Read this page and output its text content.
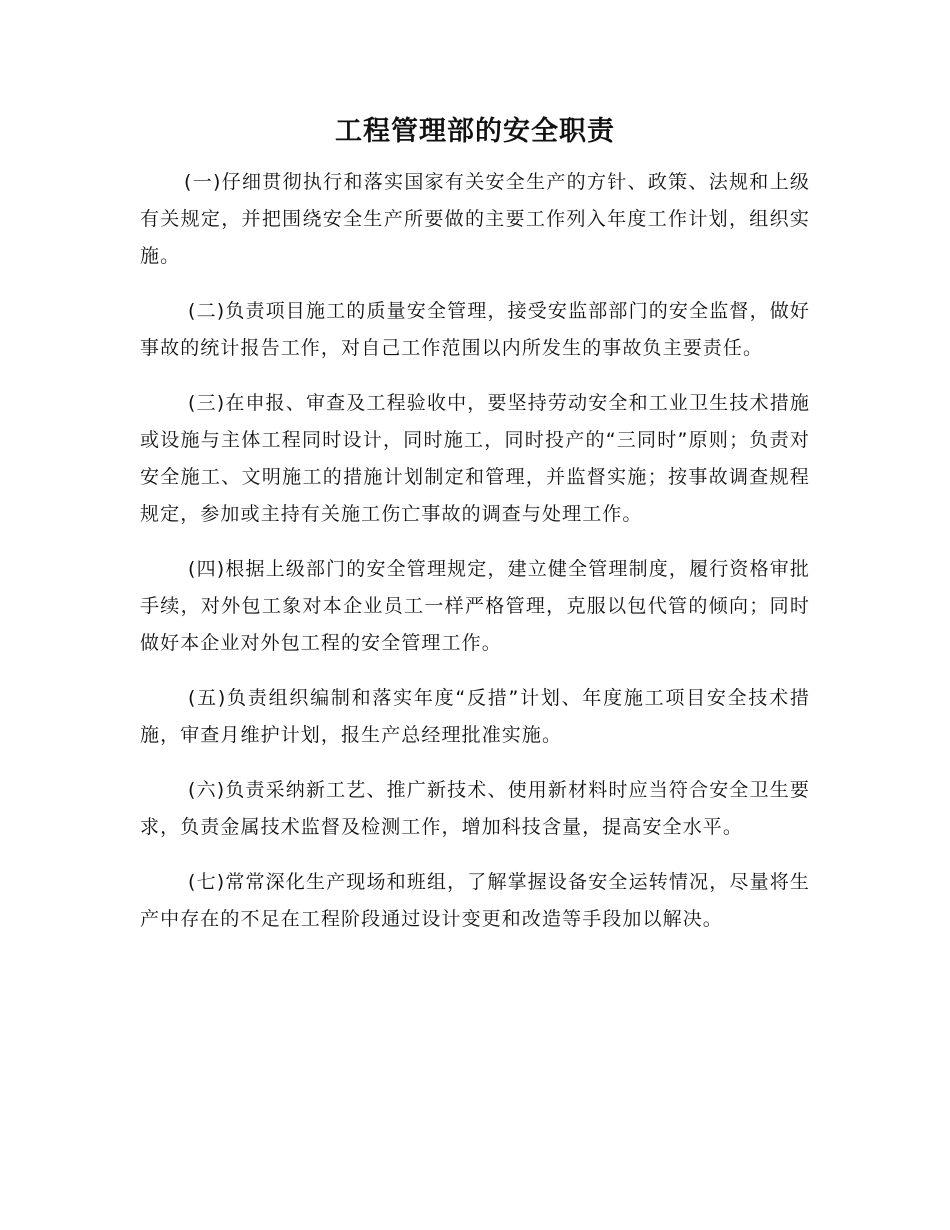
工程管理部的安全职责

(一)仔细贯彻执行和落实国家有关安全生产的方针、政策、法规和上级有关规定，并把围绕安全生产所要做的主要工作列入年度工作计划，组织实施。

(二)负责项目施工的质量安全管理，接受安监部部门的安全监督，做好事故的统计报告工作，对自己工作范围以内所发生的事故负主要责任。

(三)在申报、审查及工程验收中，要坚持劳动安全和工业卫生技术措施或设施与主体工程同时设计，同时施工，同时投产的“三同时”原则；负责对安全施工、文明施工的措施计划制定和管理，并监督实施；按事故调查规程规定，参加或主持有关施工伤亡事故的调查与处理工作。

(四)根据上级部门的安全管理规定，建立健全管理制度，履行资格审批手续，对外包工象对本企业员工一样严格管理，克服以包代管的倾向；同时做好本企业对外包工程的安全管理工作。

(五)负责组织编制和落实年度“反措”计划、年度施工项目安全技术措施，审查月维护计划，报生产总经理批准实施。

(六)负责采纳新工艺、推广新技术、使用新材料时应当符合安全卫生要求，负责金属技术监督及检测工作，增加科技含量，提高安全水平。

(七)常常深化生产现场和班组，了解掌握设备安全运转情况，尽量将生产中存在的不足在工程阶段通过设计变更和改造等手段加以解决。
